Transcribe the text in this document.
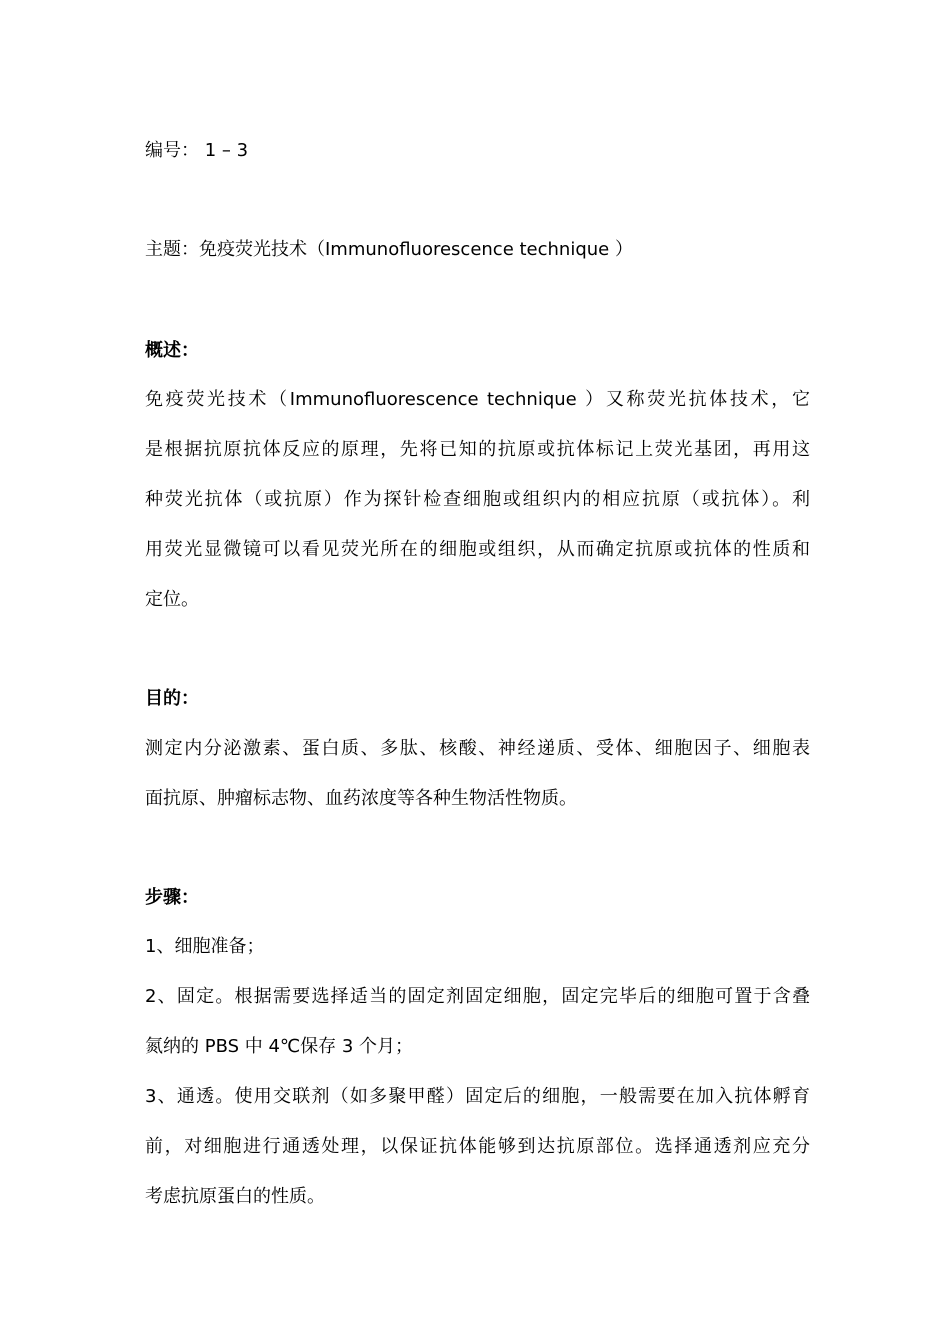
编号： 1 – 3
主题：免疫荧光技术（Immunofluorescence technique ）
概述：
免疫荧光技术（Immunofluorescence technique ）又称荧光抗体技术，它
是根据抗原抗体反应的原理，先将已知的抗原或抗体标记上荧光基团，再用这
种荧光抗体（或抗原）作为探针检查细胞或组织内的相应抗原（或抗体）。利
用荧光显微镜可以看见荧光所在的细胞或组织，从而确定抗原或抗体的性质和
定位。
目的：
测定内分泌激素、蛋白质、多肽、核酸、神经递质、受体、细胞因子、细胞表
面抗原、肿瘤标志物、血药浓度等各种生物活性物质。
步骤：
1、细胞准备；
2、固定。根据需要选择适当的固定剂固定细胞，固定完毕后的细胞可置于含叠
氮纳的 PBS 中 4℃保存 3 个月；
3、通透。使用交联剂（如多聚甲醛）固定后的细胞，一般需要在加入抗体孵育
前，对细胞进行通透处理，以保证抗体能够到达抗原部位。选择通透剂应充分
考虑抗原蛋白的性质。
